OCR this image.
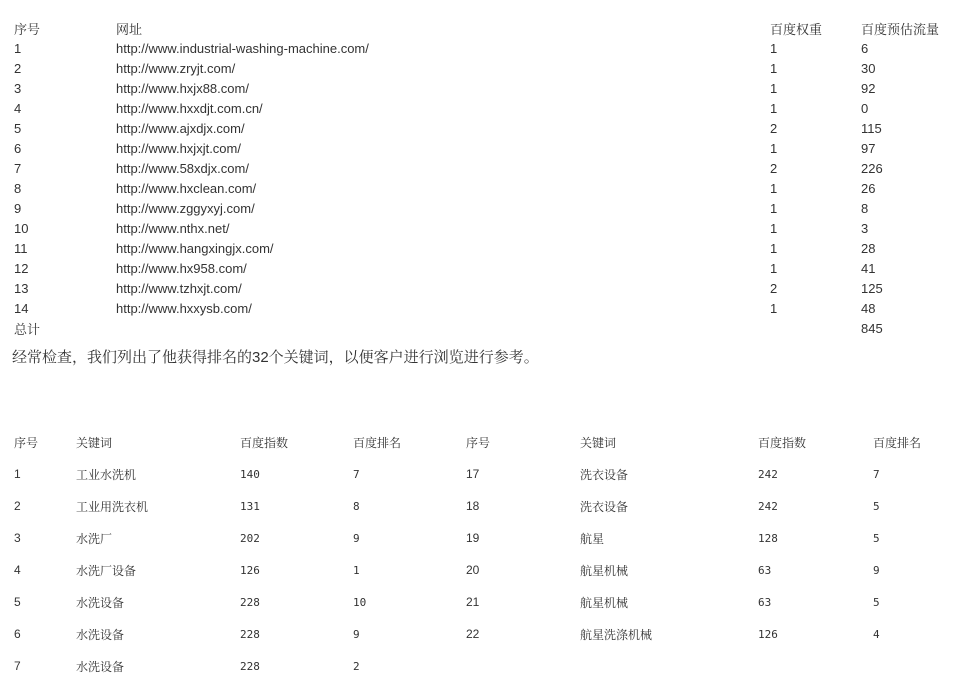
序号	网址	百度权重	百度预估流量
1	http://www.industrial-washing-machine.com/	1	6
2	http://www.zryjt.com/	1	30
3	http://www.hxjx88.com/	1	92
4	http://www.hxxdjt.com.cn/	1	0
5	http://www.ajxdjx.com/	2	115
6	http://www.hxjxjt.com/	1	97
7	http://www.58xdjx.com/	2	226
8	http://www.hxclean.com/	1	26
9	http://www.zggyxyj.com/	1	8
10	http://www.nthx.net/	1	3
11	http://www.hangxingjx.com/	1	28
12	http://www.hx958.com/	1	41
13	http://www.tzhxjt.com/	2	125
14	http://www.hxxysb.com/	1	48
总计			845

经常检查，我们列出了他获得排名的32个关键词，以便客户进行浏览进行参考。

序号	关键词	百度指数	百度排名	序号	关键词	百度指数	百度排名
1	工业水洗机	140	7	17	洗衣设备	242	7
2	工业用洗衣机	131	8	18	洗衣设备	242	5
3	水洗厂	202	9	19	航星	128	5
4	水洗厂设备	126	1	20	航星机械	63	9
5	水洗设备	228	10	21	航星机械	63	5
6	水洗设备	228	9	22	航星洗涤机械	126	4
7	水洗设备	228	2				
